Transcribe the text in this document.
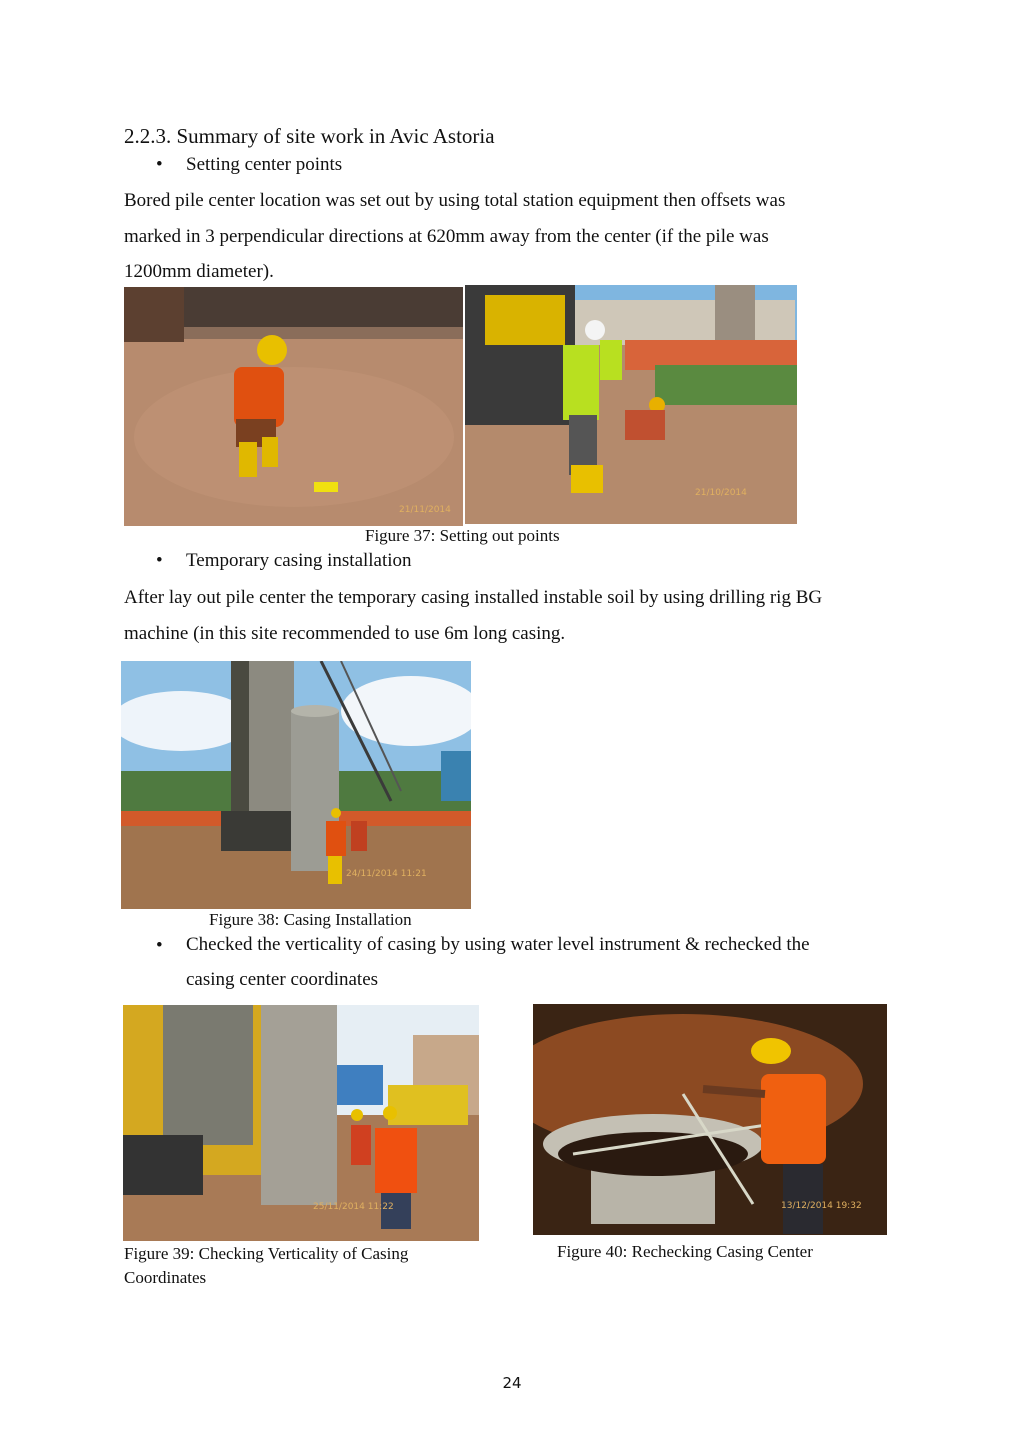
2.2.3. Summary of site work in Avic Astoria
• Setting center points
Bored pile center location was set out by using total station equipment then offsets was
marked in 3 perpendicular directions at 620mm away from the center (if the pile was
1200mm diameter).
21/11/2014
21/10/2014
Figure 37: Setting out points
• Temporary casing installation
After lay out pile center the temporary casing installed instable soil by using drilling rig BG
machine (in this site recommended to use 6m long casing.
24/11/2014 11:21
Figure 38: Casing Installation
• Checked the verticality of casing by using water level instrument & rechecked the
casing center coordinates
25/11/2014 11:22	13/12/2014 19:32
Figure 39: Checking Verticality of Casing
Coordinates
Figure 40: Rechecking Casing Center
24
